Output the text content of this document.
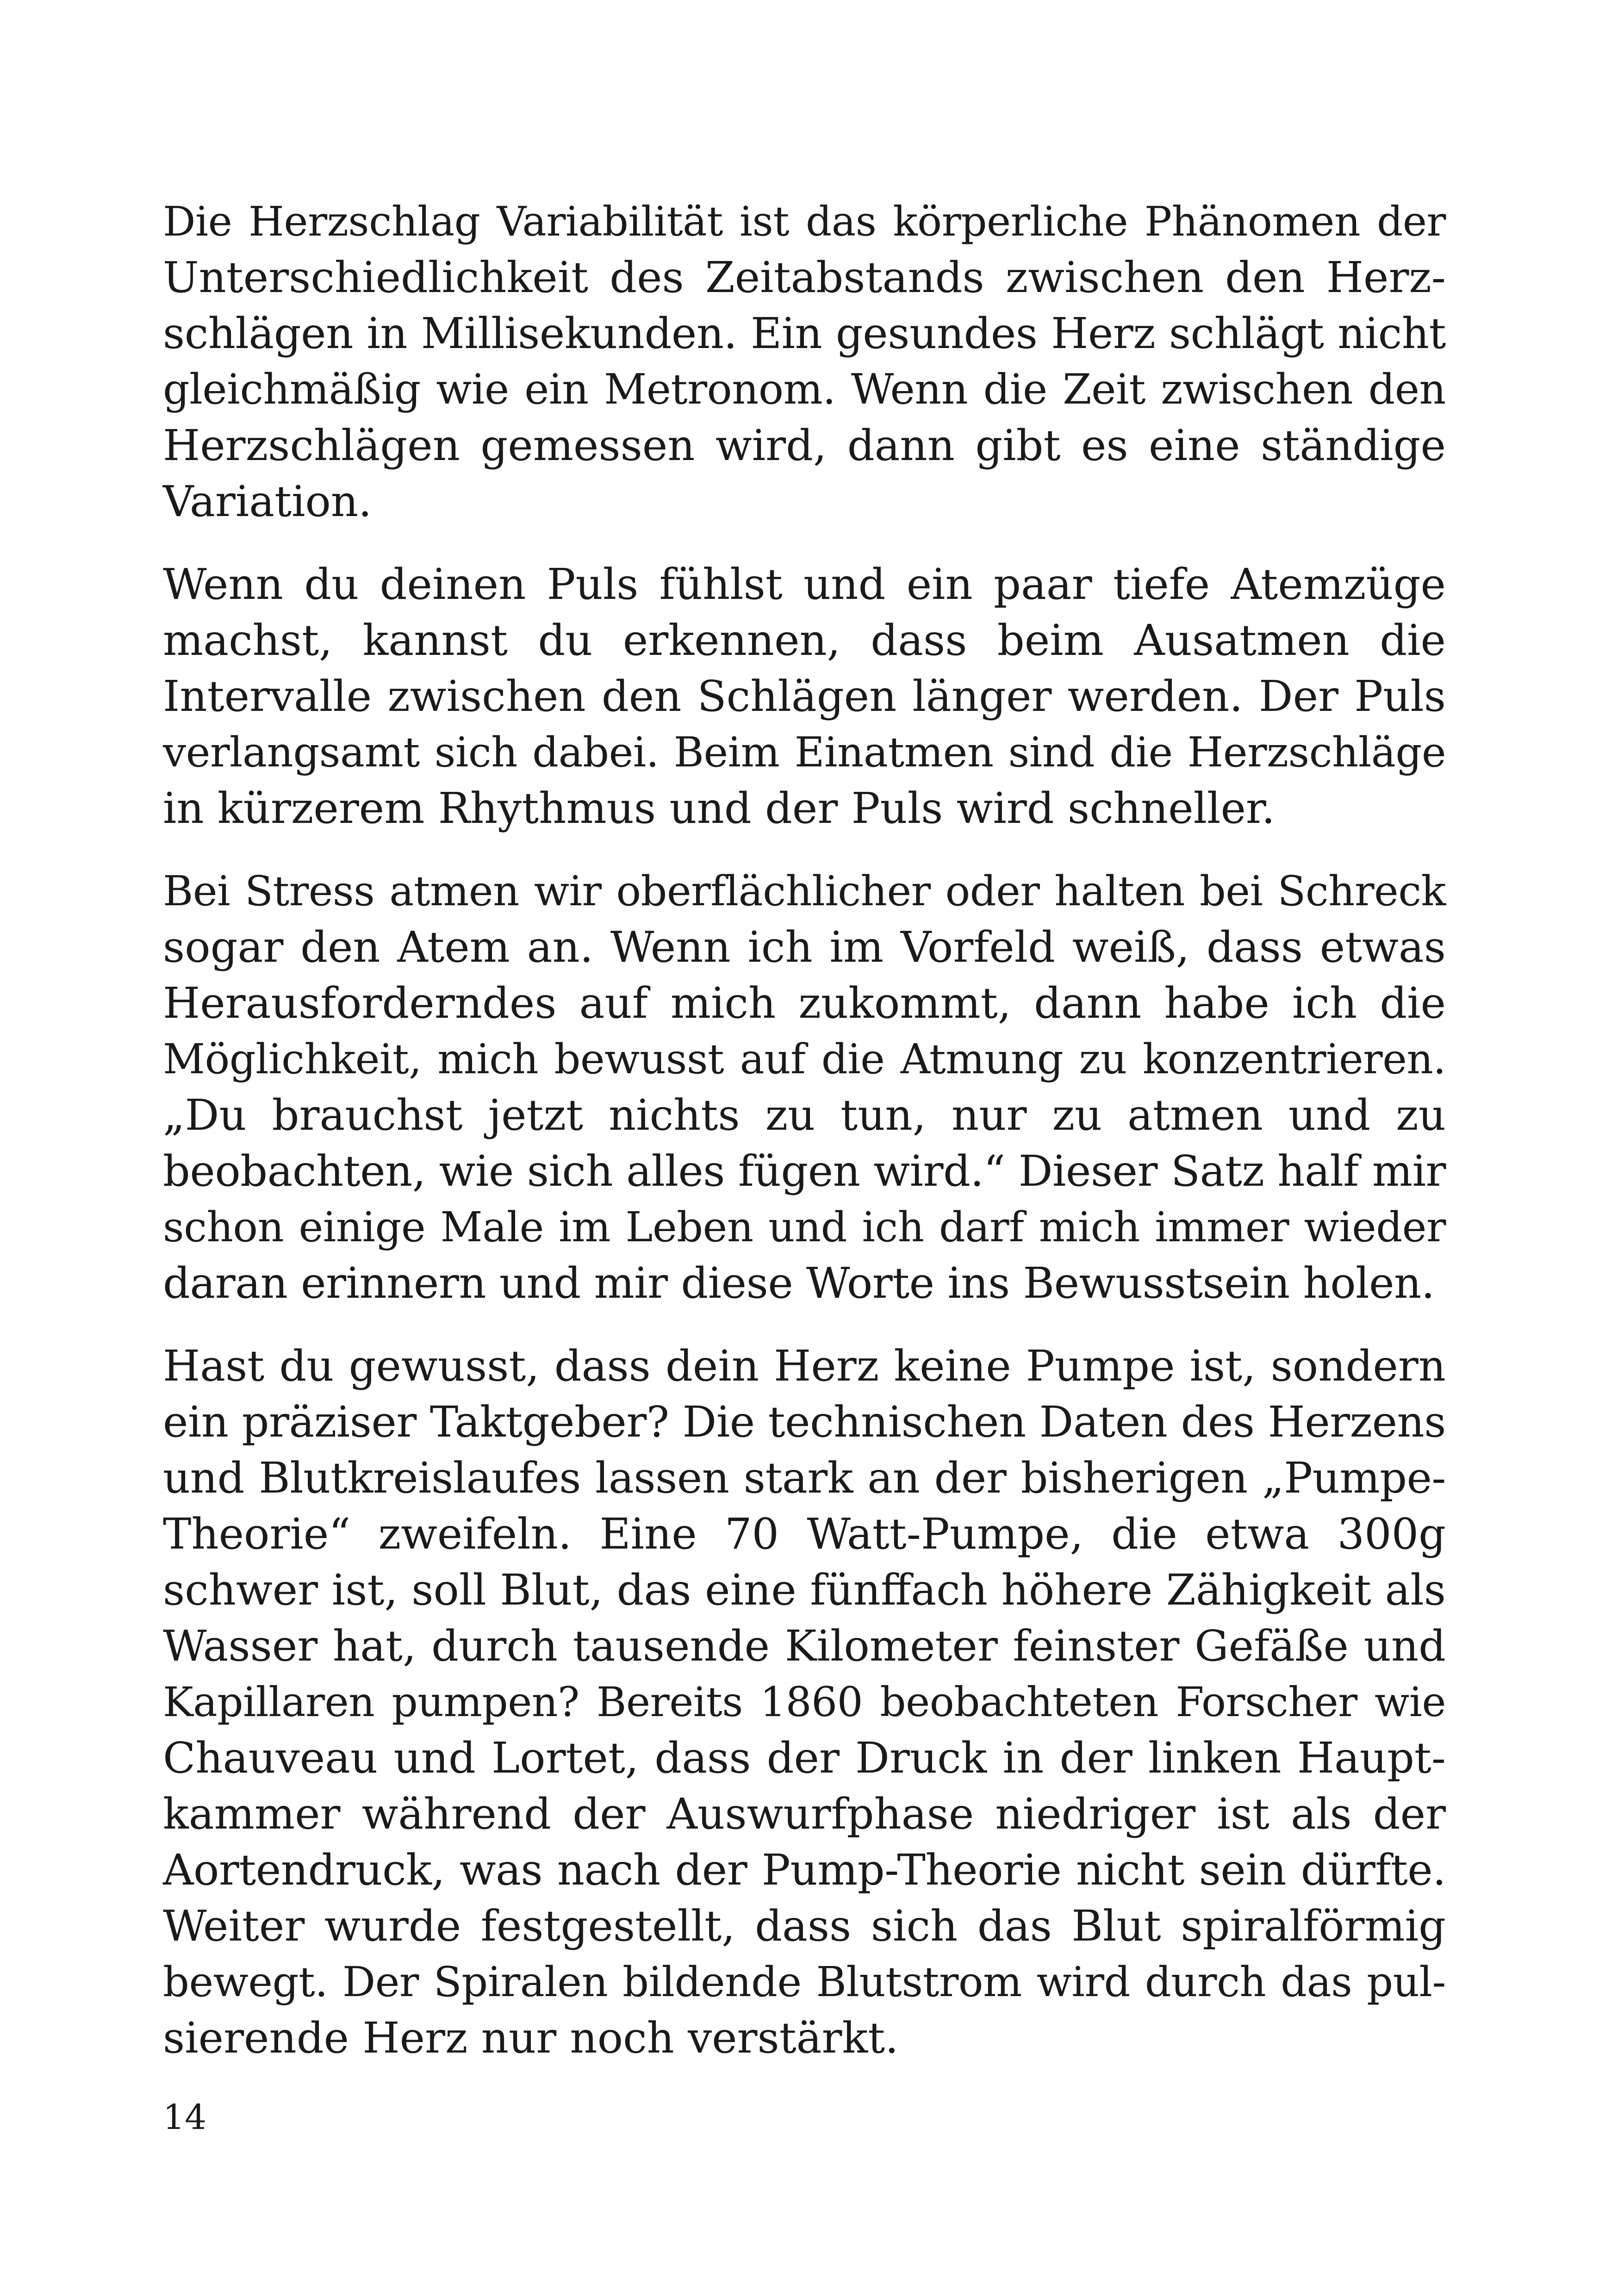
Die Herzschlag Variabilität ist das körperliche Phänomen der
Unterschiedlichkeit des Zeitabstands zwischen den Herz-
schlägen in Millisekunden. Ein gesundes Herz schlägt nicht
gleichmäßig wie ein Metronom. Wenn die Zeit zwischen den
Herzschlägen gemessen wird, dann gibt es eine ständige
Variation.
Wenn du deinen Puls fühlst und ein paar tiefe Atemzüge
machst, kannst du erkennen, dass beim Ausatmen die
Intervalle zwischen den Schlägen länger werden. Der Puls
verlangsamt sich dabei. Beim Einatmen sind die Herzschläge
in kürzerem Rhythmus und der Puls wird schneller.
Bei Stress atmen wir oberflächlicher oder halten bei Schreck
sogar den Atem an. Wenn ich im Vorfeld weiß, dass etwas
Herausforderndes auf mich zukommt, dann habe ich die
Möglichkeit, mich bewusst auf die Atmung zu konzentrieren.
„Du brauchst jetzt nichts zu tun, nur zu atmen und zu
beobachten, wie sich alles fügen wird.“ Dieser Satz half mir
schon einige Male im Leben und ich darf mich immer wieder
daran erinnern und mir diese Worte ins Bewusstsein holen.
Hast du gewusst, dass dein Herz keine Pumpe ist, sondern
ein präziser Taktgeber? Die technischen Daten des Herzens
und Blutkreislaufes lassen stark an der bisherigen „Pumpe-
Theorie“ zweifeln. Eine 70 Watt-Pumpe, die etwa 300g
schwer ist, soll Blut, das eine fünffach höhere Zähigkeit als
Wasser hat, durch tausende Kilometer feinster Gefäße und
Kapillaren pumpen? Bereits 1860 beobachteten Forscher wie
Chauveau und Lortet, dass der Druck in der linken Haupt-
kammer während der Auswurfphase niedriger ist als der
Aortendruck, was nach der Pump-Theorie nicht sein dürfte.
Weiter wurde festgestellt, dass sich das Blut spiralförmig
bewegt. Der Spiralen bildende Blutstrom wird durch das pul-
sierende Herz nur noch verstärkt.
14
